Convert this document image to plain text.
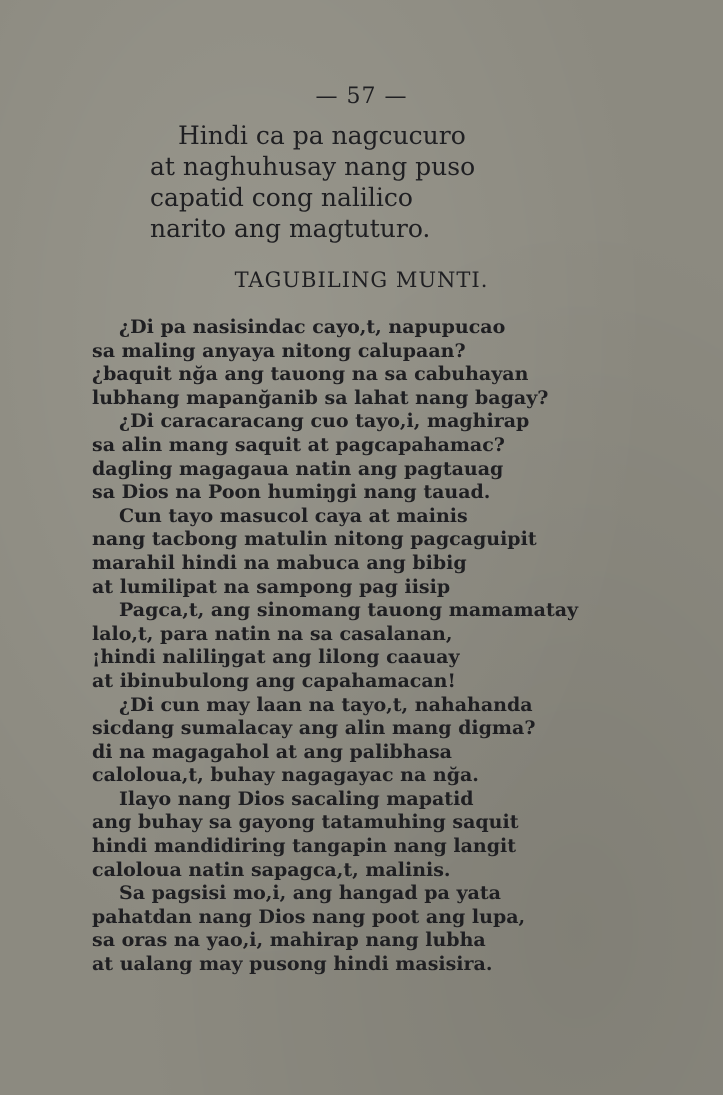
— 57 —
Hindi ca pa nagcucuro
at naghuhusay nang puso
capatid cong nalilico
narito ang magtuturo.
TAGUBILING MUNTI.
¿Di pa nasisindac cayo,t, napupucao
sa maling anyaya nitong calupaan?
¿baquit nğa ang tauong na sa cabuhayan
lubhang mapanğanib sa lahat nang bagay?
¿Di caracaracang cuo tayo,i, maghirap
sa alin mang saquit at pagcapahamac?
dagling magagaua natin ang pagtauag
sa Dios na Poon humiŋgi nang tauad.
Cun tayo masucol caya at mainis
nang tacbong matulin nitong pagcaguipit
marahil hindi na mabuca ang bibig
at lumilipat na sampong pag iisip
Pagca,t, ang sinomang tauong mamamatay
lalo,t, para natin na sa casalanan,
¡hindi naliliŋgat ang lilong caauay
at ibinubulong ang capahamacan!
¿Di cun may laan na tayo,t, nahahanda
sicdang sumalacay ang alin mang digma?
di na magagahol at ang palibhasa
caloloua,t, buhay nagagayac na nğa.
Ilayo nang Dios sacaling mapatid
ang buhay sa gayong tatamuhing saquit
hindi mandidiring tangapin nang langit
caloloua natin sapagca,t, malinis.
Sa pagsisi mo,i, ang hangad pa yata
pahatdan nang Dios nang poot ang lupa,
sa oras na yao,i, mahirap nang lubha
at ualang may pusong hindi masisira.
